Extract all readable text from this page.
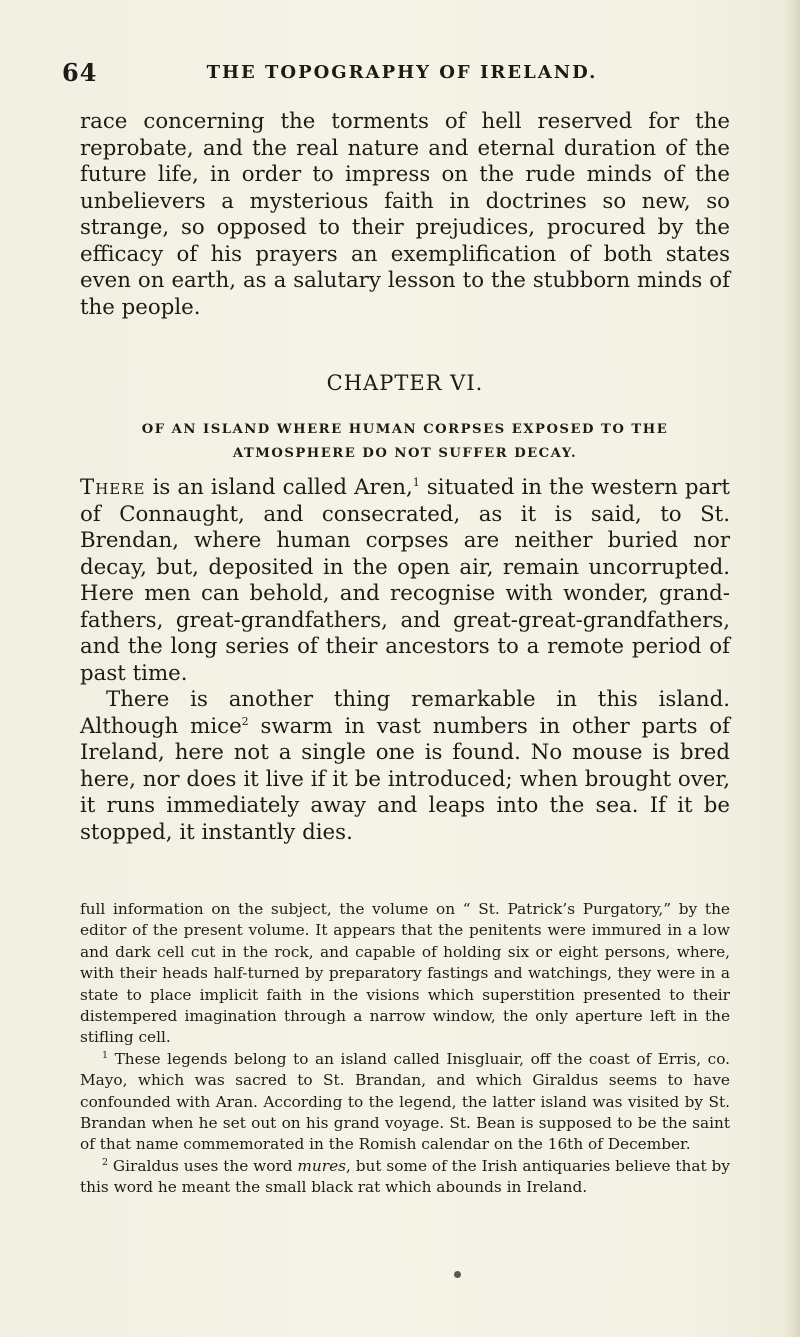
64	THE TOPOGRAPHY OF IRELAND.

race concerning the torments of hell reserved for the reprobate, and the real nature and eternal duration of the future life, in order to impress on the rude minds of the unbelievers a mysterious faith in doctrines so new, so strange, so opposed to their prejudices, procured by the efficacy of his prayers an exemplification of both states even on earth, as a salutary lesson to the stubborn minds of the people.

CHAPTER VI.
OF AN ISLAND WHERE HUMAN CORPSES EXPOSED TO THE ATMOSPHERE DO NOT SUFFER DECAY.

There is an island called Aren,$^1$ situated in the western part of Connaught, and consecrated, as it is said, to St. Brendan, where human corpses are neither buried nor decay, but, deposited in the open air, remain uncorrupted. Here men can behold, and recognise with wonder, grand-fathers, great-grandfathers, and great-great-grandfathers, and the long series of their ancestors to a remote period of past time.

There is another thing remarkable in this island. Although mice$^2$ swarm in vast numbers in other parts of Ireland, here not a single one is found. No mouse is bred here, nor does it live if it be introduced; when brought over, it runs immediately away and leaps into the sea. If it be stopped, it instantly dies.

full information on the subject, the volume on “ St. Patrick’s Purgatory,” by the editor of the present volume. It appears that the penitents were immured in a low and dark cell cut in the rock, and capable of holding six or eight persons, where, with their heads half-turned by preparatory fastings and watchings, they were in a state to place implicit faith in the visions which superstition presented to their distempered imagination through a narrow window, the only aperture left in the stifling cell.

$^1$ These legends belong to an island called Inisgluair, off the coast of Erris, co. Mayo, which was sacred to St. Brandan, and which Giraldus seems to have confounded with Aran. According to the legend, the latter island was visited by St. Brandan when he set out on his grand voyage. St. Bean is supposed to be the saint of that name commemorated in the Romish calendar on the 16th of December.

$^2$ Giraldus uses the word mures, but some of the Irish antiquaries believe that by this word he meant the small black rat which abounds in Ireland.
